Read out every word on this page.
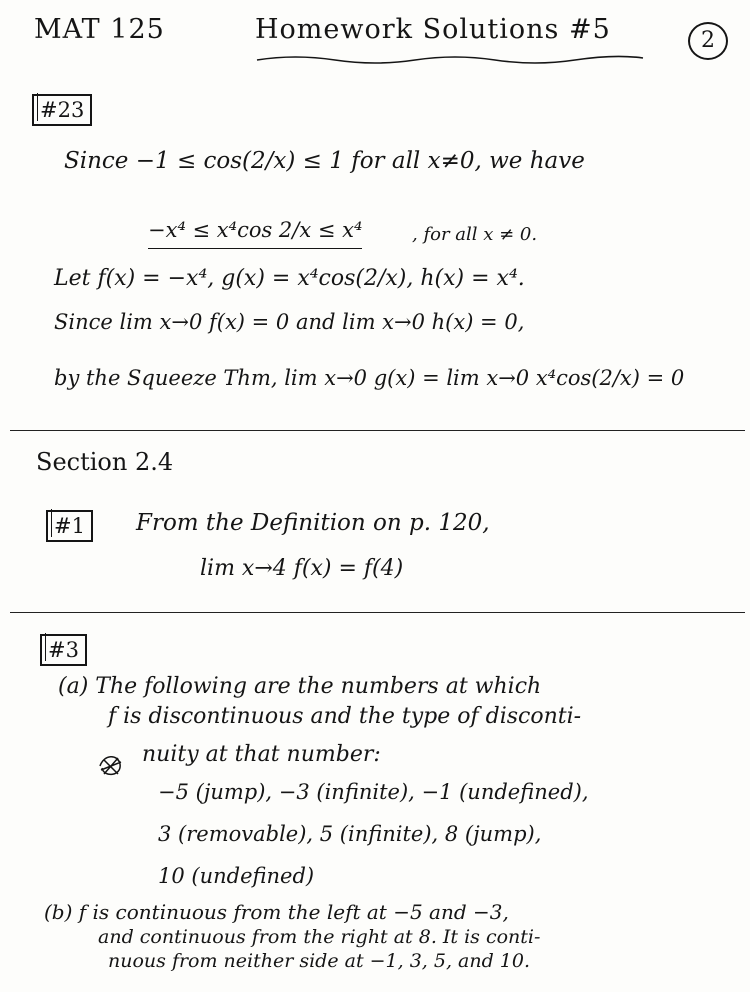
MAT 125	Homework Solutions #5	2
#23
Since −1 ≤ cos(2/x) ≤ 1 for all x≠0, we have
−x⁴ ≤ x⁴cos 2/x ≤ x⁴	, for all x ≠ 0.
Let f(x) = −x⁴, g(x) = x⁴cos(2/x), h(x) = x⁴.
Since lim x→0 f(x) = 0 and lim x→0 h(x) = 0,
by the Squeeze Thm, lim x→0 g(x) = lim x→0 x⁴cos(2/x) = 0
Section 2.4
#1	From the Definition on p. 120,
lim x→4 f(x) = f(4)
#3
(a) The following are the numbers at which
f is discontinuous and the type of disconti-
nuity at that number:
−5 (jump), −3 (infinite), −1 (undefined),
3 (removable), 5 (infinite), 8 (jump),
10 (undefined)
(b) f is continuous from the left at −5 and −3,
and continuous from the right at 8. It is conti-
nuous from neither side at −1, 3, 5, and 10.
